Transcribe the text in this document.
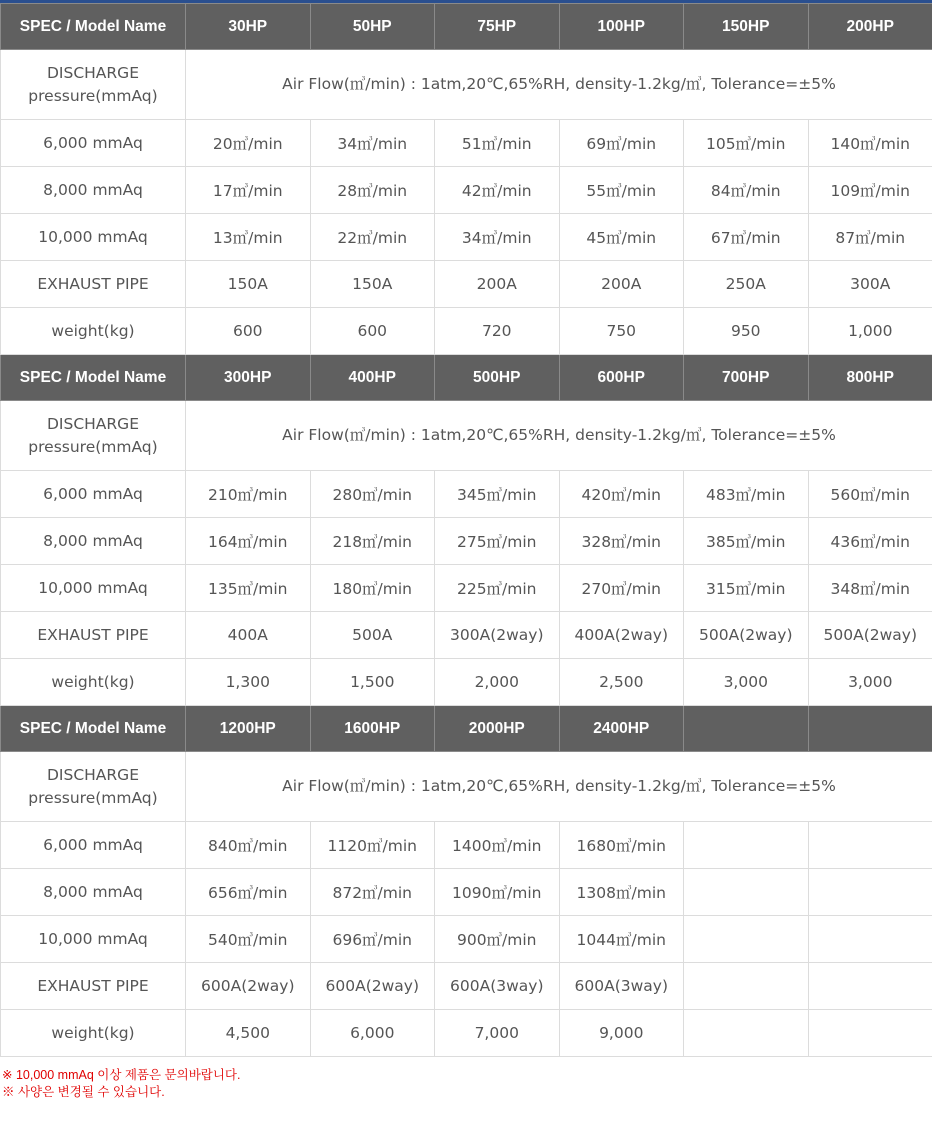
SPEC / Model Name	30HP	50HP	75HP	100HP	150HP	200HP

DISCHARGE
pressure(mmAq)	Air Flow(㎥/min) : 1atm,20℃,65%RH, density-1.2kg/㎥, Tolerance=±5%					
6,000 mmAq	20㎥/min	34㎥/min	51㎥/min	69㎥/min	105㎥/min	140㎥/min
8,000 mmAq	17㎥/min	28㎥/min	42㎥/min	55㎥/min	84㎥/min	109㎥/min
10,000 mmAq	13㎥/min	22㎥/min	34㎥/min	45㎥/min	67㎥/min	87㎥/min
EXHAUST PIPE	150A	150A	200A	200A	250A	300A
weight(kg)	600	600	720	750	950	1,000
SPEC / Model Name	300HP	400HP	500HP	600HP	700HP	800HP

DISCHARGE
pressure(mmAq)	Air Flow(㎥/min) : 1atm,20℃,65%RH, density-1.2kg/㎥, Tolerance=±5%					
6,000 mmAq	210㎥/min	280㎥/min	345㎥/min	420㎥/min	483㎥/min	560㎥/min
8,000 mmAq	164㎥/min	218㎥/min	275㎥/min	328㎥/min	385㎥/min	436㎥/min
10,000 mmAq	135㎥/min	180㎥/min	225㎥/min	270㎥/min	315㎥/min	348㎥/min
EXHAUST PIPE	400A	500A	300A(2way)	400A(2way)	500A(2way)	500A(2way)
weight(kg)	1,300	1,500	2,000	2,500	3,000	3,000
SPEC / Model Name	1200HP	1600HP	2000HP	2400HP		

DISCHARGE
pressure(mmAq)	Air Flow(㎥/min) : 1atm,20℃,65%RH, density-1.2kg/㎥, Tolerance=±5%					
6,000 mmAq	840㎥/min	1120㎥/min	1400㎥/min	1680㎥/min		
8,000 mmAq	656㎥/min	872㎥/min	1090㎥/min	1308㎥/min		
10,000 mmAq	540㎥/min	696㎥/min	900㎥/min	1044㎥/min		
EXHAUST PIPE	600A(2way)	600A(2way)	600A(3way)	600A(3way)		
weight(kg)	4,500	6,000	7,000	9,000		
※ 10,000 mmAq 이상 제품은 문의바랍니다.
※ 사양은 변경될 수 있습니다.
